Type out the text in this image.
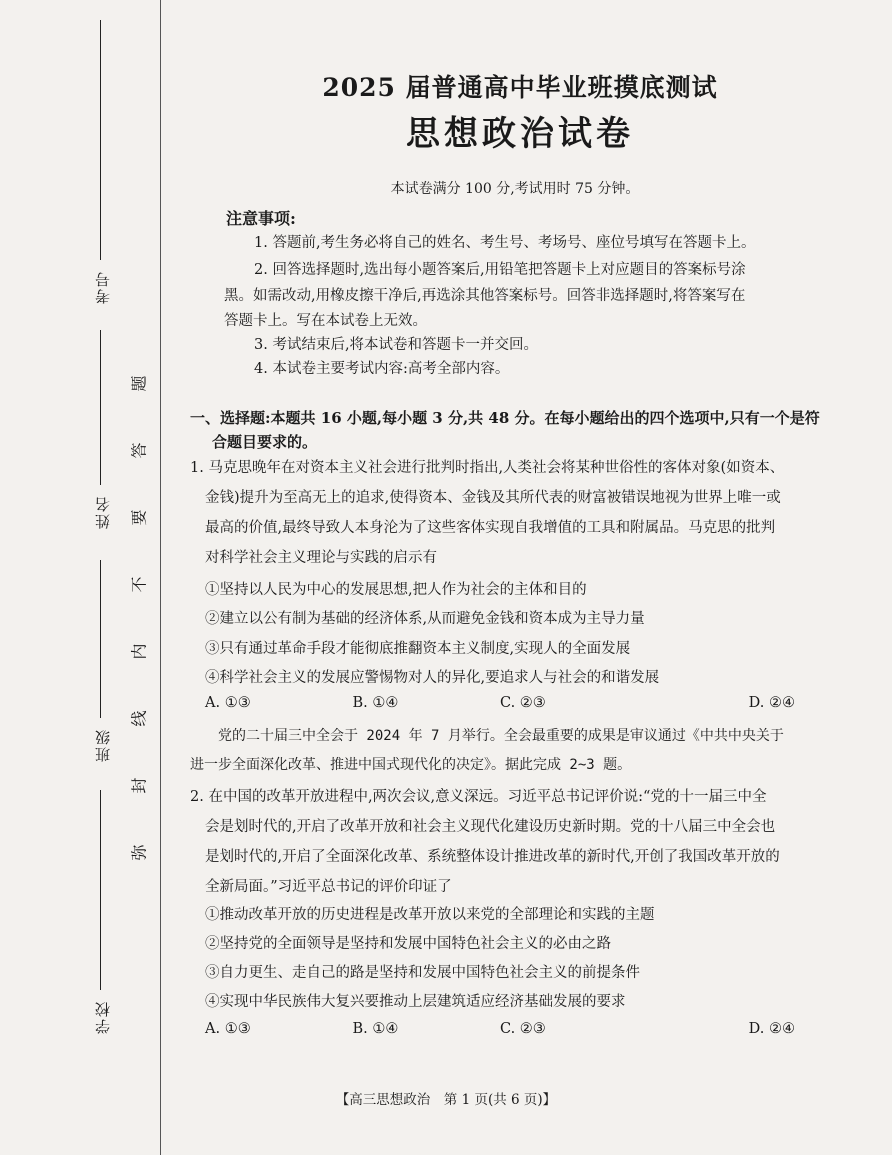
考号
姓名
班级
学校
题
答
要
不
内
线
封
弥
2025 届普通高中毕业班摸底测试
思想政治试卷
本试卷满分 100 分,考试用时 75 分钟。
注意事项:
1. 答题前,考生务必将自己的姓名、考生号、考场号、座位号填写在答题卡上。
2. 回答选择题时,选出每小题答案后,用铅笔把答题卡上对应题目的答案标号涂
黑。如需改动,用橡皮擦干净后,再选涂其他答案标号。回答非选择题时,将答案写在
答题卡上。写在本试卷上无效。
3. 考试结束后,将本试卷和答题卡一并交回。
4. 本试卷主要考试内容:高考全部内容。
一、选择题:本题共 16 小题,每小题 3 分,共 48 分。在每小题给出的四个选项中,只有一个是符
合题目要求的。
1. 马克思晚年在对资本主义社会进行批判时指出,人类社会将某种世俗性的客体对象(如资本、
金钱)提升为至高无上的追求,使得资本、金钱及其所代表的财富被错误地视为世界上唯一或
最高的价值,最终导致人本身沦为了这些客体实现自我增值的工具和附属品。马克思的批判
对科学社会主义理论与实践的启示有
①坚持以人民为中心的发展思想,把人作为社会的主体和目的
②建立以公有制为基础的经济体系,从而避免金钱和资本成为主导力量
③只有通过革命手段才能彻底推翻资本主义制度,实现人的全面发展
④科学社会主义的发展应警惕物对人的异化,要追求人与社会的和谐发展
A. ①③	B. ①④	C. ②③	D. ②④
党的二十届三中全会于 2024 年 7 月举行。全会最重要的成果是审议通过《中共中央关于
进一步全面深化改革、推进中国式现代化的决定》。据此完成 2~3 题。
2. 在中国的改革开放进程中,两次会议,意义深远。习近平总书记评价说:“党的十一届三中全
会是划时代的,开启了改革开放和社会主义现代化建设历史新时期。党的十八届三中全会也
是划时代的,开启了全面深化改革、系统整体设计推进改革的新时代,开创了我国改革开放的
全新局面。”习近平总书记的评价印证了
①推动改革开放的历史进程是改革开放以来党的全部理论和实践的主题
②坚持党的全面领导是坚持和发展中国特色社会主义的必由之路
③自力更生、走自己的路是坚持和发展中国特色社会主义的前提条件
④实现中华民族伟大复兴要推动上层建筑适应经济基础发展的要求
A. ①③	B. ①④	C. ②③	D. ②④
【高三思想政治　第 1 页(共 6 页)】
